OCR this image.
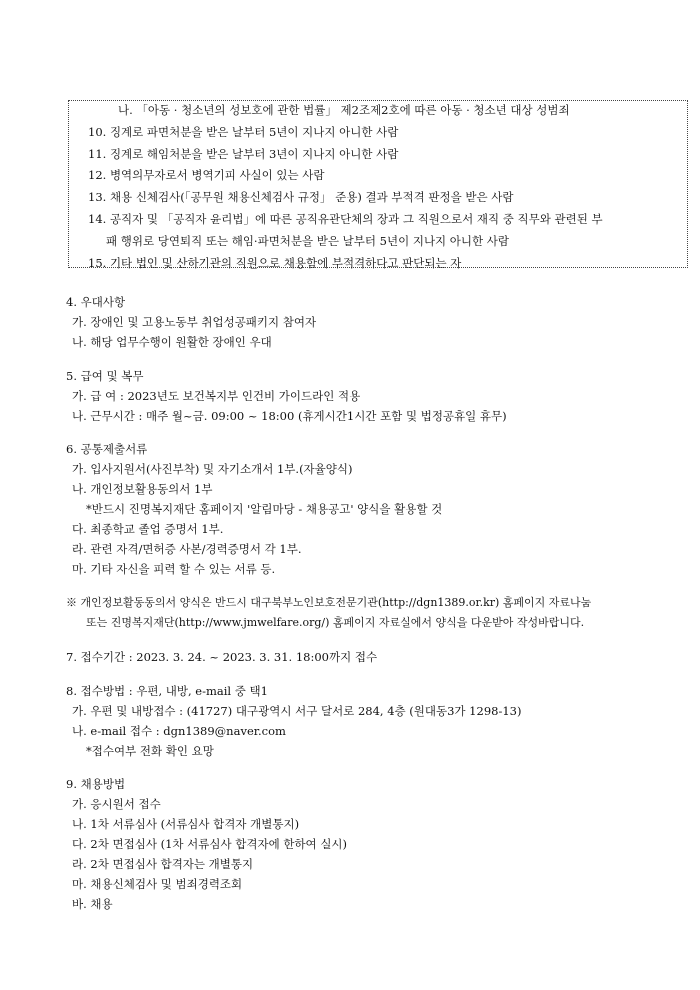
나. 「아동 · 청소년의 성보호에 관한 법률」 제2조제2호에 따른 아동 · 청소년 대상 성범죄
10. 징계로 파면처분을 받은 날부터 5년이 지나지 아니한 사람
11. 징계로 해임처분을 받은 날부터 3년이 지나지 아니한 사람
12. 병역의무자로서 병역기피 사실이 있는 사람
13. 채용 신체검사(「공무원 채용신체검사 규정」 준용) 결과 부적격 판정을 받은 사람
14. 공직자 및 「공직자 윤리법」에 따른 공직유관단체의 장과 그 직원으로서 재직 중 직무와 관련된 부
패 행위로 당연퇴직 또는 해임·파면처분을 받은 날부터 5년이 지나지 아니한 사람
15. 기타 법인 및 산하기관의 직원으로 채용함에 부적격하다고 판단되는 자
4. 우대사항
가. 장애인 및 고용노동부 취업성공패키지 참여자
나. 해당 업무수행이 원활한 장애인 우대
5. 급여 및 복무
가. 급 여 : 2023년도 보건복지부 인건비 가이드라인 적용
나. 근무시간 : 매주 월~금. 09:00 ~ 18:00 (휴게시간1시간 포함 및 법정공휴일 휴무)
6. 공통제출서류
가. 입사지원서(사진부착) 및 자기소개서 1부.(자율양식)
나. 개인정보활용동의서 1부
*반드시 진명복지재단 홈페이지 '알림마당 - 채용공고' 양식을 활용할 것
다. 최종학교 졸업 증명서 1부.
라. 관련 자격/면허증 사본/경력증명서 각 1부.
마. 기타 자신을 피력 할 수 있는 서류 등.
※ 개인정보활동동의서 양식은 반드시 대구북부노인보호전문기관(http://dgn1389.or.kr) 홈페이지 자료나눔
또는 진명복지재단(http://www.jmwelfare.org/) 홈페이지 자료실에서 양식을 다운받아 작성바랍니다.
7. 접수기간 : 2023. 3. 24. ~ 2023. 3. 31. 18:00까지 접수
8. 접수방법 : 우편, 내방, e-mail 중 택1
가. 우편 및 내방접수 : (41727) 대구광역시 서구 달서로 284, 4층 (원대동3가 1298-13)
나. e-mail 접수 : dgn1389@naver.com
*접수여부 전화 확인 요망
9. 채용방법
가. 응시원서 접수
나. 1차 서류심사 (서류심사 합격자 개별통지)
다. 2차 면접심사 (1차 서류심사 합격자에 한하여 실시)
라. 2차 면접심사 합격자는 개별통지
마. 채용신체검사 및 범죄경력조회
바. 채용
